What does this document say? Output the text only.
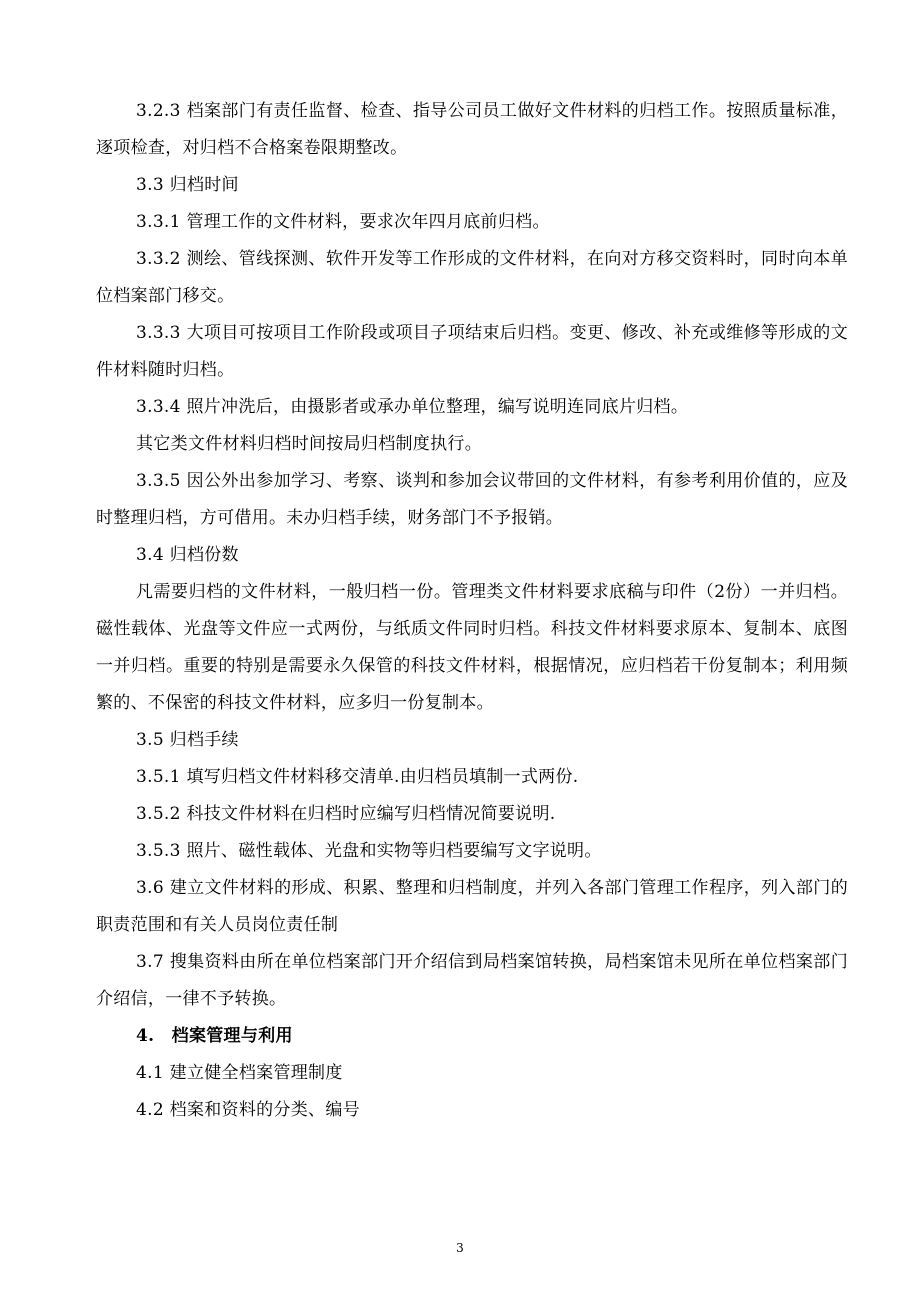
3.2.3 档案部门有责任监督、检查、指导公司员工做好文件材料的归档工作。按照质量标准，逐项检查，对归档不合格案卷限期整改。

3.3 归档时间

3.3.1 管理工作的文件材料，要求次年四月底前归档。

3.3.2 测绘、管线探测、软件开发等工作形成的文件材料，在向对方移交资料时，同时向本单位档案部门移交。

3.3.3 大项目可按项目工作阶段或项目子项结束后归档。变更、修改、补充或维修等形成的文件材料随时归档。

3.3.4 照片冲洗后，由摄影者或承办单位整理，编写说明连同底片归档。

其它类文件材料归档时间按局归档制度执行。

3.3.5 因公外出参加学习、考察、谈判和参加会议带回的文件材料，有参考利用价值的，应及时整理归档，方可借用。未办归档手续，财务部门不予报销。

3.4 归档份数

凡需要归档的文件材料，一般归档一份。管理类文件材料要求底稿与印件（2份）一并归档。磁性载体、光盘等文件应一式两份，与纸质文件同时归档。科技文件材料要求原本、复制本、底图一并归档。重要的特别是需要永久保管的科技文件材料，根据情况，应归档若干份复制本；利用频繁的、不保密的科技文件材料，应多归一份复制本。

3.5 归档手续

3.5.1 填写归档文件材料移交清单.由归档员填制一式两份.

3.5.2 科技文件材料在归档时应编写归档情况简要说明.

3.5.3 照片、磁性载体、光盘和实物等归档要编写文字说明。

3.6 建立文件材料的形成、积累、整理和归档制度，并列入各部门管理工作程序，列入部门的职责范围和有关人员岗位责任制

3.7 搜集资料由所在单位档案部门开介绍信到局档案馆转换，局档案馆未见所在单位档案部门介绍信，一律不予转换。

4.　档案管理与利用

4.1 建立健全档案管理制度

4.2 档案和资料的分类、编号

3
